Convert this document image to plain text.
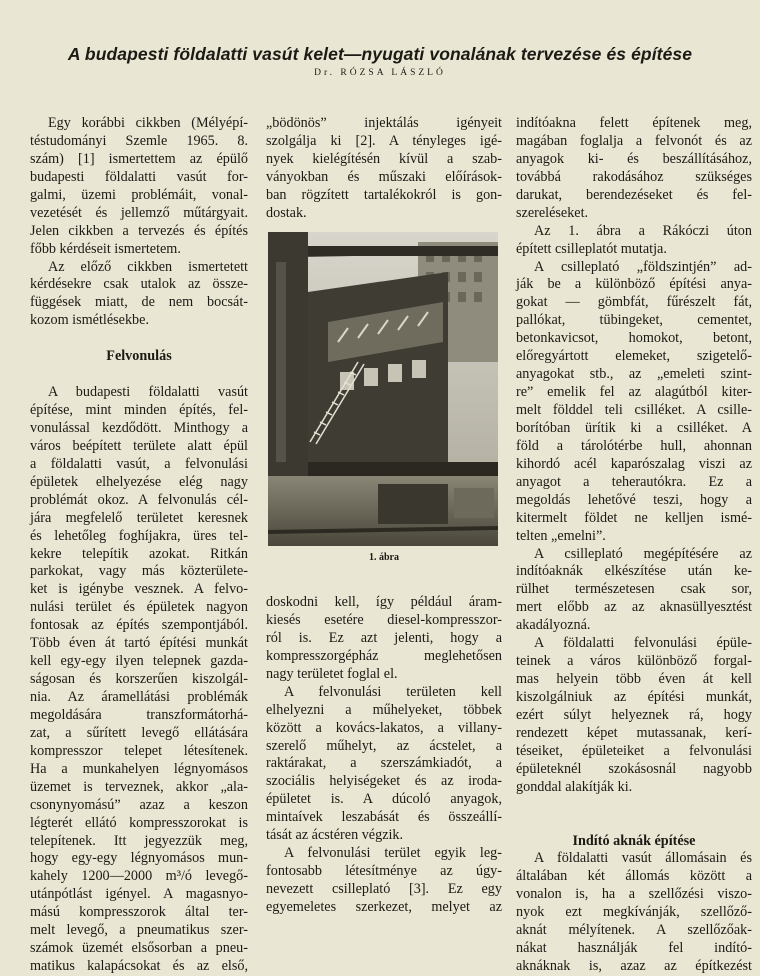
A budapesti földalatti vasút kelet—nyugati vonalának tervezése és építése
Dr. RÓZSA LÁSZLÓ
Egy korábbi cikkben (Mélyépí-
téstudományi Szemle 1965. 8.
szám) [1] ismertettem az épülő
budapesti földalatti vasút for-
galmi, üzemi problémáit, vonal-
vezetését és jellemző műtárgyait.
Jelen cikkben a tervezés és építés
főbb kérdéseit ismertetem.
Az előző cikkben ismertetett
kérdésekre csak utalok az össze-
függések miatt, de nem bocsát-
kozom ismétlésekbe.
Felvonulás
A budapesti földalatti vasút
építése, mint minden építés, fel-
vonulással kezdődött. Minthogy a
város beépített területe alatt épül
a földalatti vasút, a felvonulási
épületek elhelyezése elég nagy
problémát okoz. A felvonulás cél-
jára megfelelő területet keresnek
és lehetőleg foghíjakra, üres tel-
kekre telepítik azokat. Ritkán
parkokat, vagy más közterülete-
ket is igénybe vesznek. A felvo-
nulási terület és épületek nagyon
fontosak az építés szempontjából.
Több éven át tartó építési munkát
kell egy-egy ilyen telepnek gazda-
ságosan és korszerűen kiszolgál-
nia. Az áramellátási problémák
megoldására transzformátorhá-
zat, a sűrített levegő ellátására
kompresszor telepet létesítenek.
Ha a munkahelyen légnyomásos
üzemet is terveznek, akkor „ala-
csonynyomású” azaz a keszon
légterét ellátó kompresszorokat is
telepítenek. Itt jegyezzük meg,
hogy egy-egy légnyomásos mun-
kahely 1200—2000 m³/ó levegő-
utánpótlást igényel. A magasnyo-
mású kompresszorok által ter-
melt levegő, a pneumatikus szer-
számok üzemét elsősorban a pneu-
matikus kalapácsokat és az első,
„bödönös” injektálás igényeit
szolgálja ki [2]. A tényleges igé-
nyek kielégítésén kívül a szab-
ványokban és műszaki előírások-
ban rögzített tartalékokról is gon-
dostak.
1. ábra
doskodni kell, így például áram-
kiesés esetére diesel-kompresszor-
ról is. Ez azt jelenti, hogy a
kompresszorgépház meglehetősen
nagy területet foglal el.
A felvonulási területen kell
elhelyezni a műhelyeket, többek
között a kovács-lakatos, a villany-
szerelő műhelyt, az ácstelet, a
raktárakat, a szerszámkiadót, a
szociális helyiségeket és az iroda-
épületet is. A dúcoló anyagok,
mintaívek leszabását és összeállí-
tását az ácstéren végzik.
A felvonulási terület egyik leg-
fontosabb létesítménye az úgy-
nevezett csilleplató [3]. Ez egy
egyemeletes szerkezet, melyet az
indítóakna felett építenek meg,
magában foglalja a felvonót és az
anyagok ki- és beszállításához,
továbbá rakodásához szükséges
darukat, berendezéseket és fel-
szereléseket.
Az 1. ábra a Rákóczi úton
épített csilleplatót mutatja.
A csilleplató „földszintjén” ad-
ják be a különböző építési anya-
gokat — gömbfát, fűrészelt fát,
pallókat, tübingeket, cementet,
betonkavicsot, homokot, betont,
előregyártott elemeket, szigetelő-
anyagokat stb., az „emeleti szint-
re” emelik fel az alagútból kiter-
melt földdel teli csilléket. A csille-
borítóban ürítik ki a csilléket. A
föld a tárolótérbe hull, ahonnan
kihordó acél kaparószalag viszi az
anyagot a teherautókra. Ez a
megoldás lehetővé teszi, hogy a
kitermelt földet ne kelljen ismé-
telten „emelni”.
A csilleplató megépítésére az
indítóaknák elkészítése után ke-
rülhet természetesen csak sor,
mert előbb az az aknasüllyesztést
akadályozná.
A földalatti felvonulási épüle-
teinek a város különböző forgal-
mas helyein több éven át kell
kiszolgálniuk az építési munkát,
ezért súlyt helyeznek rá, hogy
rendezett képet mutassanak, kerí-
téseiket, épületeiket a felvonulási
épületeknél szokásosnál nagyobb
gonddal alakítják ki.
Indító aknák építése
A földalatti vasút állomásain és
általában két állomás között a
vonalon is, ha a szellőzési viszo-
nyok ezt megkívánják, szellőző-
aknát mélyítenek. A szellőzőak-
nákat használják fel indító-
aknáknak is, azaz az építkezést
